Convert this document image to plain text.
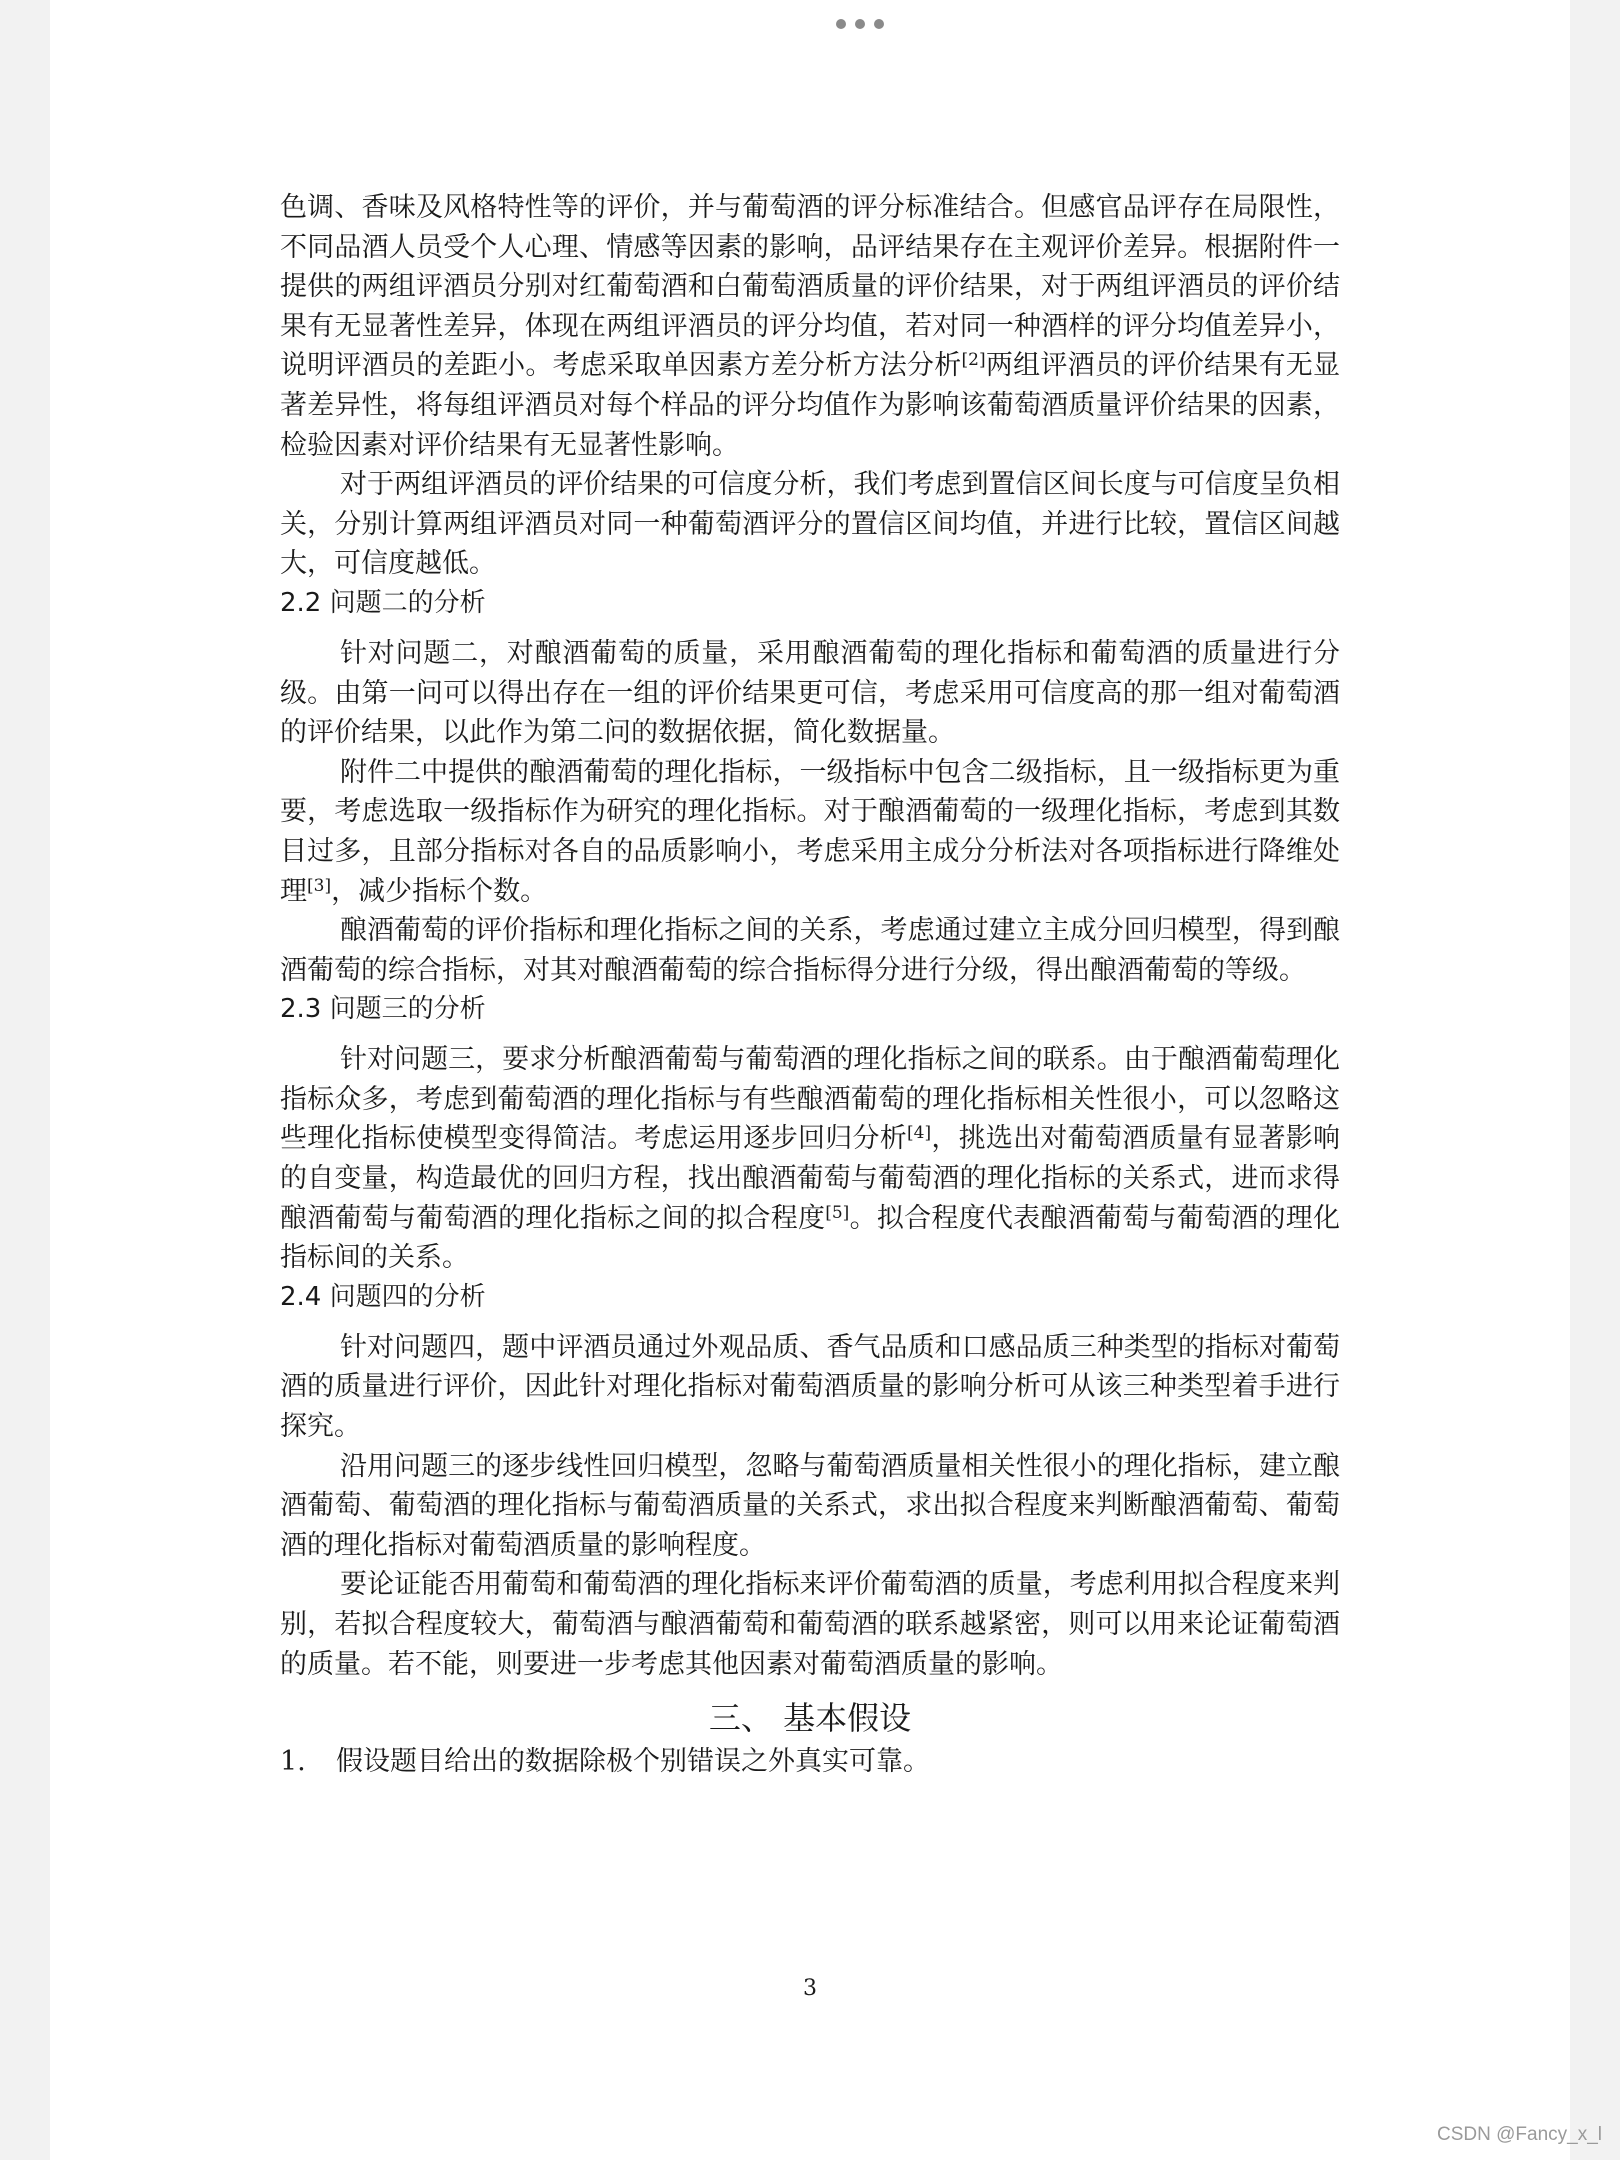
色调、香味及风格特性等的评价，并与葡萄酒的评分标准结合。但感官品评存在局限性，不同品酒人员受个人心理、情感等因素的影响，品评结果存在主观评价差异。根据附件一提供的两组评酒员分别对红葡萄酒和白葡萄酒质量的评价结果，对于两组评酒员的评价结果有无显著性差异，体现在两组评酒员的评分均值，若对同一种酒样的评分均值差异小，说明评酒员的差距小。考虑采取单因素方差分析方法分析[2]两组评酒员的评价结果有无显著差异性，将每组评酒员对每个样品的评分均值作为影响该葡萄酒质量评价结果的因素，检验因素对评价结果有无显著性影响。

对于两组评酒员的评价结果的可信度分析，我们考虑到置信区间长度与可信度呈负相关，分别计算两组评酒员对同一种葡萄酒评分的置信区间均值，并进行比较，置信区间越大，可信度越低。

2.2 问题二的分析

针对问题二，对酿酒葡萄的质量，采用酿酒葡萄的理化指标和葡萄酒的质量进行分级。由第一问可以得出存在一组的评价结果更可信，考虑采用可信度高的那一组对葡萄酒的评价结果，以此作为第二问的数据依据，简化数据量。

附件二中提供的酿酒葡萄的理化指标，一级指标中包含二级指标，且一级指标更为重要，考虑选取一级指标作为研究的理化指标。对于酿酒葡萄的一级理化指标，考虑到其数目过多，且部分指标对各自的品质影响小，考虑采用主成分分析法对各项指标进行降维处理[3]，减少指标个数。

酿酒葡萄的评价指标和理化指标之间的关系，考虑通过建立主成分回归模型，得到酿酒葡萄的综合指标，对其对酿酒葡萄的综合指标得分进行分级，得出酿酒葡萄的等级。

2.3 问题三的分析

针对问题三，要求分析酿酒葡萄与葡萄酒的理化指标之间的联系。由于酿酒葡萄理化指标众多，考虑到葡萄酒的理化指标与有些酿酒葡萄的理化指标相关性很小，可以忽略这些理化指标使模型变得简洁。考虑运用逐步回归分析[4]，挑选出对葡萄酒质量有显著影响的自变量，构造最优的回归方程，找出酿酒葡萄与葡萄酒的理化指标的关系式，进而求得酿酒葡萄与葡萄酒的理化指标之间的拟合程度[5]。拟合程度代表酿酒葡萄与葡萄酒的理化指标间的关系。

2.4 问题四的分析

针对问题四，题中评酒员通过外观品质、香气品质和口感品质三种类型的指标对葡萄酒的质量进行评价，因此针对理化指标对葡萄酒质量的影响分析可从该三种类型着手进行探究。

沿用问题三的逐步线性回归模型，忽略与葡萄酒质量相关性很小的理化指标，建立酿酒葡萄、葡萄酒的理化指标与葡萄酒质量的关系式，求出拟合程度来判断酿酒葡萄、葡萄酒的理化指标对葡萄酒质量的影响程度。

要论证能否用葡萄和葡萄酒的理化指标来评价葡萄酒的质量，考虑利用拟合程度来判别，若拟合程度较大，葡萄酒与酿酒葡萄和葡萄酒的联系越紧密，则可以用来论证葡萄酒的质量。若不能，则要进一步考虑其他因素对葡萄酒质量的影响。

三、 基本假设

1. 假设题目给出的数据除极个别错误之外真实可靠。

3
CSDN @Fancy_x_l
